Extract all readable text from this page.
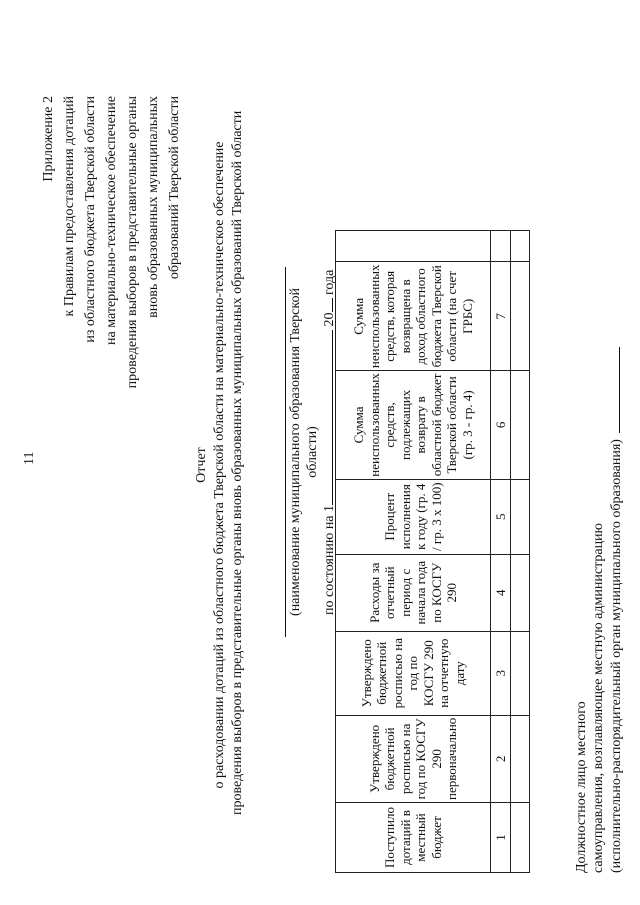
11
Приложение 2 к Правилам предоставления дотаций из областного бюджета Тверской области на материально-техническое обеспечение проведения выборов в представительные органы вновь образованных муниципальных образований Тверской области
Отчет о расходовании дотаций из областного бюджета Тверской области на материально-техническое обеспечение проведения выборов в представительные органы вновь образованных муниципальных образований Тверской области	(наименование муниципального образования Тверской области)
по состоянию на 1 20 года
Поступило дотаций в местный бюджет	Утверждено бюджетной росписью на год по КОСГУ 290 первоначально	Утверждено бюджетной росписью на год по КОСГУ 290 на отчетную дату	Расходы за отчетный период с начала года по КОСГУ 290	Процент исполнения к году (гр. 4 / гр. 3 х 100)	Сумма неиспользованных средств, подлежащих возврату в областной бюджет Тверской области (гр. 3 - гр. 4)	Сумма неиспользованных средств, которая возвращена в доход областного бюджета Тверской области (на счет ГРБС)	
1	2	3	4	5	6	7	

Должностное лицо местного самоуправления, возглавляющее местную администрацию (исполнительно-распорядительный орган муниципального образования)
